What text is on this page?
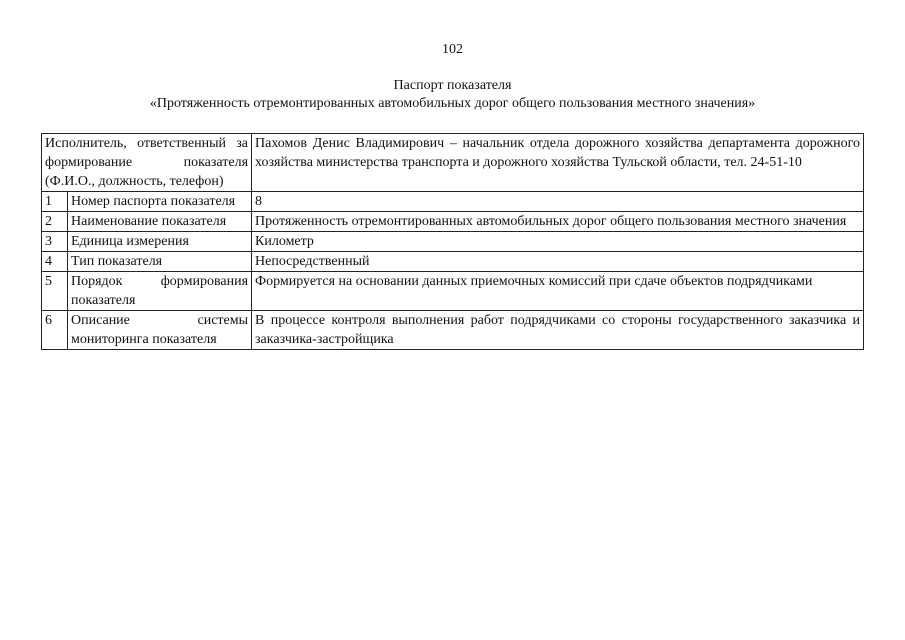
102
Паспорт показателя
«Протяженность отремонтированных автомобильных дорог общего пользования местного значения»
Исполнитель, ответственный за формирование показателя (Ф.И.О., должность, телефон)		Пахомов Денис Владимирович – начальник отдела дорожного хозяйства департамента дорожного хозяйства министерства транспорта и дорожного хозяйства Тульской области, тел. 24-51-10
1	Номер паспорта показателя	8
2	Наименование показателя	Протяженность отремонтированных автомобильных дорог общего пользования местного значения
3	Единица измерения	Километр
4	Тип показателя	Непосредственный
5	Порядок формирования показателя	Формируется на основании данных приемочных комиссий при сдаче объектов подрядчиками
6	Описание системы мониторинга показателя	В процессе контроля выполнения работ подрядчиками со стороны государственного заказчика и заказчика-застройщика
